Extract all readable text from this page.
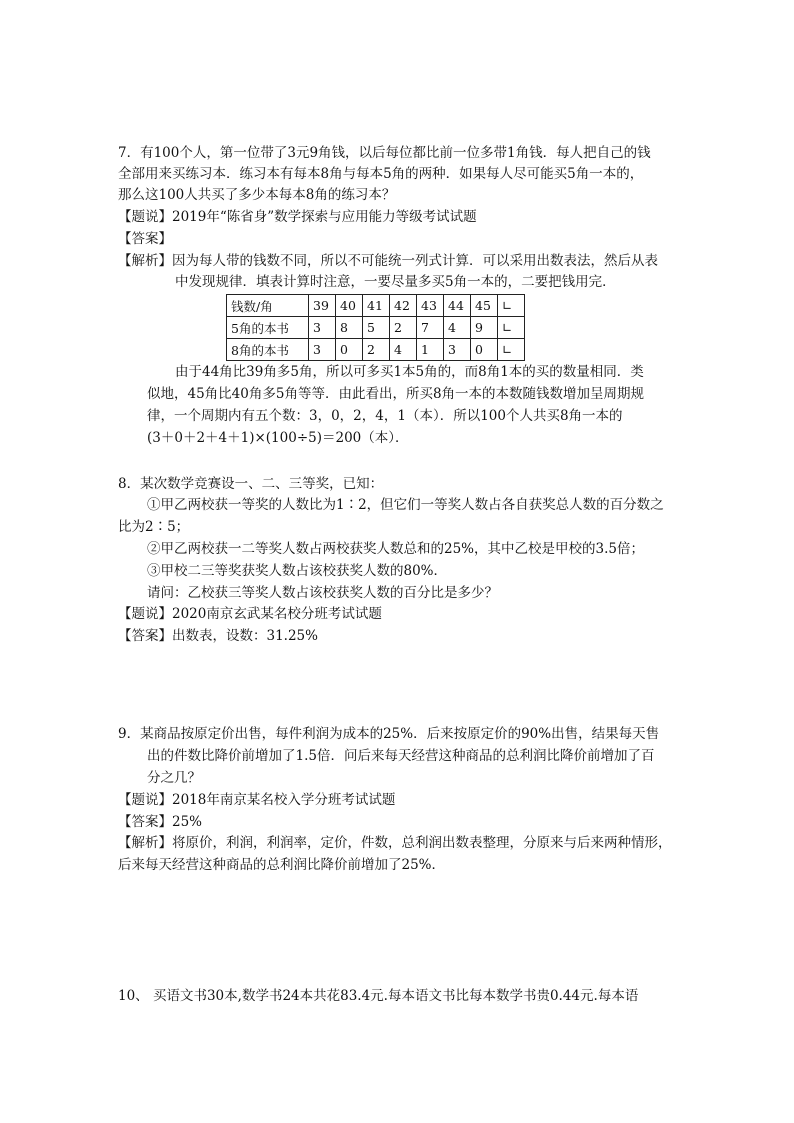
7．有100个人，第一位带了3元9角钱，以后每位都比前一位多带1角钱．每人把自己的钱
全部用来买练习本．练习本有每本8角与每本5角的两种．如果每人尽可能买5角一本的，
那么这100人共买了多少本每本8角的练习本？
【题说】2019年“陈省身”数学探索与应用能力等级考试试题
【答案】
【解析】因为每人带的钱数不同，所以不可能统一列式计算．可以采用出数表法，然后从表
中发现规律．填表计算时注意，一要尽量多买5角一本的，二要把钱用完．
钱数/角	39	40	41	42	43	44	45	∟
5角的本书	3	8	5	2	7	4	9	∟
8角的本书	3	0	2	4	1	3	0	∟
由于44角比39角多5角，所以可多买1本5角的，而8角1本的买的数量相同．类
似地，45角比40角多5角等等．由此看出，所买8角一本的本数随钱数增加呈周期规
律，一个周期内有五个数：3，0，2，4，1（本）．所以100个人共买8角一本的
(3＋0＋2＋4＋1)×(100÷5)＝200（本）．
8．某次数学竞赛设一、二、三等奖，已知：
①甲乙两校获一等奖的人数比为1∶2，但它们一等奖人数占各自获奖总人数的百分数之
比为2∶5；
②甲乙两校获一二等奖人数占两校获奖人数总和的25%，其中乙校是甲校的3.5倍；
③甲校二三等奖获奖人数占该校获奖人数的80%．
请问：乙校获三等奖人数占该校获奖人数的百分比是多少？
【题说】2020南京玄武某名校分班考试试题
【答案】出数表，设数：31.25%
9．某商品按原定价出售，每件利润为成本的25%．后来按原定价的90%出售，结果每天售
出的件数比降价前增加了1.5倍．问后来每天经营这种商品的总利润比降价前增加了百
分之几？
【题说】2018年南京某名校入学分班考试试题
【答案】25%
【解析】将原价，利润，利润率，定价，件数，总利润出数表整理，分原来与后来两种情形，
后来每天经营这种商品的总利润比降价前增加了25%．
10、 买语文书30本,数学书24本共花83.4元.每本语文书比每本数学书贵0.44元.每本语
